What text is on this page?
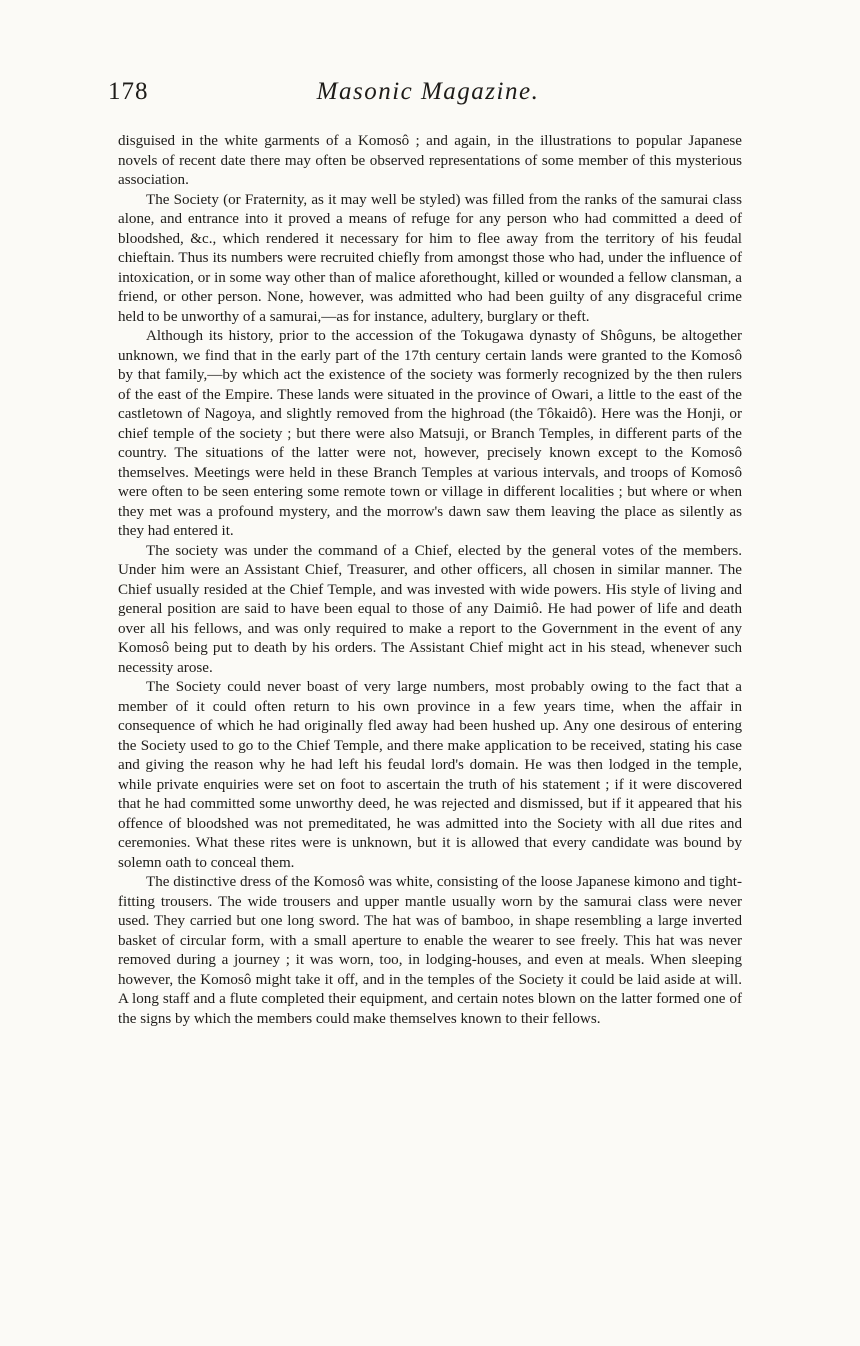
178	Masonic Magazine.

disguised in the white garments of a Komosô ; and again, in the illustrations to popular Japanese novels of recent date there may often be observed representations of some member of this mysterious association.

The Society (or Fraternity, as it may well be styled) was filled from the ranks of the samurai class alone, and entrance into it proved a means of refuge for any person who had committed a deed of bloodshed, &c., which rendered it necessary for him to flee away from the territory of his feudal chieftain. Thus its numbers were recruited chiefly from amongst those who had, under the influence of intoxication, or in some way other than of malice aforethought, killed or wounded a fellow clansman, a friend, or other person. None, however, was admitted who had been guilty of any disgraceful crime held to be unworthy of a samurai,—as for instance, adultery, burglary or theft.

Although its history, prior to the accession of the Tokugawa dynasty of Shôguns, be altogether unknown, we find that in the early part of the 17th century certain lands were granted to the Komosô by that family,—by which act the existence of the society was formerly recognized by the then rulers of the east of the Empire. These lands were situated in the province of Owari, a little to the east of the castletown of Nagoya, and slightly removed from the highroad (the Tôkaidô). Here was the Honji, or chief temple of the society ; but there were also Matsuji, or Branch Temples, in different parts of the country. The situations of the latter were not, however, precisely known except to the Komosô themselves. Meetings were held in these Branch Temples at various intervals, and troops of Komosô were often to be seen entering some remote town or village in different localities ; but where or when they met was a profound mystery, and the morrow's dawn saw them leaving the place as silently as they had entered it.

The society was under the command of a Chief, elected by the general votes of the members. Under him were an Assistant Chief, Treasurer, and other officers, all chosen in similar manner. The Chief usually resided at the Chief Temple, and was invested with wide powers. His style of living and general position are said to have been equal to those of any Daimiô. He had power of life and death over all his fellows, and was only required to make a report to the Government in the event of any Komosô being put to death by his orders. The Assistant Chief might act in his stead, whenever such necessity arose.

The Society could never boast of very large numbers, most probably owing to the fact that a member of it could often return to his own province in a few years time, when the affair in consequence of which he had originally fled away had been hushed up. Any one desirous of entering the Society used to go to the Chief Temple, and there make application to be received, stating his case and giving the reason why he had left his feudal lord's domain. He was then lodged in the temple, while private enquiries were set on foot to ascertain the truth of his statement ; if it were discovered that he had committed some unworthy deed, he was rejected and dismissed, but if it appeared that his offence of bloodshed was not premeditated, he was admitted into the Society with all due rites and ceremonies. What these rites were is unknown, but it is allowed that every candidate was bound by solemn oath to conceal them.

The distinctive dress of the Komosô was white, consisting of the loose Japanese kimono and tight-fitting trousers. The wide trousers and upper mantle usually worn by the samurai class were never used. They carried but one long sword. The hat was of bamboo, in shape resembling a large inverted basket of circular form, with a small aperture to enable the wearer to see freely. This hat was never removed during a journey ; it was worn, too, in lodging-houses, and even at meals. When sleeping however, the Komosô might take it off, and in the temples of the Society it could be laid aside at will. A long staff and a flute completed their equipment, and certain notes blown on the latter formed one of the signs by which the members could make themselves known to their fellows.
